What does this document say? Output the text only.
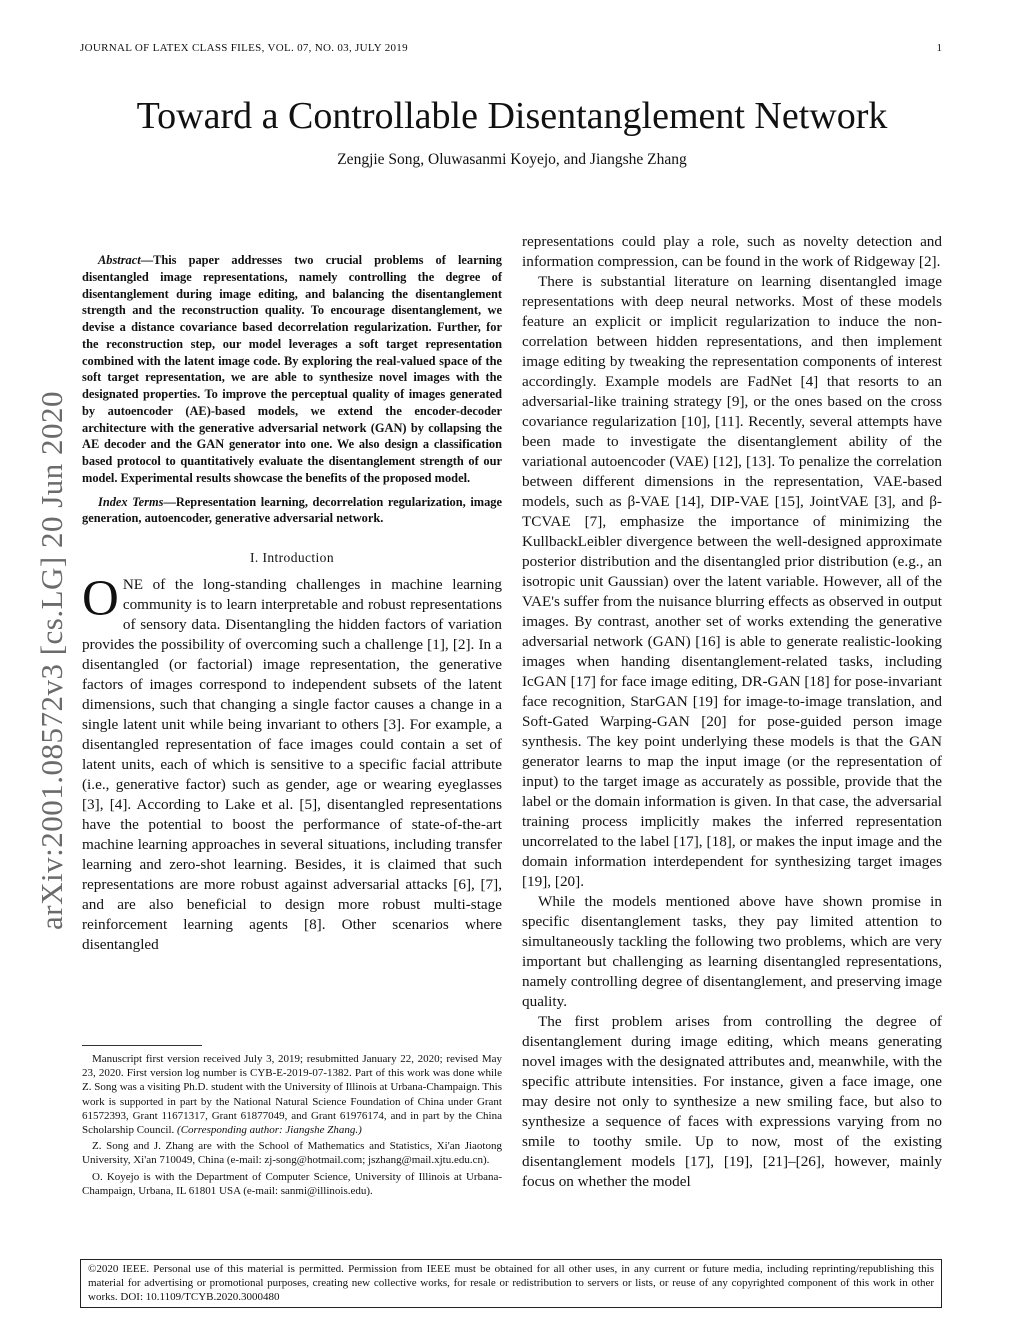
JOURNAL OF LATEX CLASS FILES, VOL. 07, NO. 03, JULY 2019	1
Toward a Controllable Disentanglement Network
Zengjie Song, Oluwasanmi Koyejo, and Jiangshe Zhang
arXiv:2001.08572v3 [cs.LG] 20 Jun 2020

Abstract—This paper addresses two crucial problems of learning disentangled image representations, namely controlling the degree of disentanglement during image editing, and balancing the disentanglement strength and the reconstruction quality. To encourage disentanglement, we devise a distance covariance based decorrelation regularization. Further, for the reconstruction step, our model leverages a soft target representation combined with the latent image code. By exploring the real-valued space of the soft target representation, we are able to synthesize novel images with the designated properties. To improve the perceptual quality of images generated by autoencoder (AE)-based models, we extend the encoder-decoder architecture with the generative adversarial network (GAN) by collapsing the AE decoder and the GAN generator into one. We also design a classification based protocol to quantitatively evaluate the disentanglement strength of our model. Experimental results showcase the benefits of the proposed model.

Index Terms—Representation learning, decorrelation regularization, image generation, autoencoder, generative adversarial network.

I. Introduction

ONE of the long-standing challenges in machine learning community is to learn interpretable and robust representations of sensory data. Disentangling the hidden factors of variation provides the possibility of overcoming such a challenge [1], [2]. In a disentangled (or factorial) image representation, the generative factors of images correspond to independent subsets of the latent dimensions, such that changing a single factor causes a change in a single latent unit while being invariant to others [3]. For example, a disentangled representation of face images could contain a set of latent units, each of which is sensitive to a specific facial attribute (i.e., generative factor) such as gender, age or wearing eyeglasses [3], [4]. According to Lake et al. [5], disentangled representations have the potential to boost the performance of state-of-the-art machine learning approaches in several situations, including transfer learning and zero-shot learning. Besides, it is claimed that such representations are more robust against adversarial attacks [6], [7], and are also beneficial to design more robust multi-stage reinforcement learning agents [8]. Other scenarios where disentangled

representations could play a role, such as novelty detection and information compression, can be found in the work of Ridgeway [2].

There is substantial literature on learning disentangled image representations with deep neural networks. Most of these models feature an explicit or implicit regularization to induce the non-correlation between hidden representations, and then implement image editing by tweaking the representation components of interest accordingly. Example models are FadNet [4] that resorts to an adversarial-like training strategy [9], or the ones based on the cross covariance regularization [10], [11]. Recently, several attempts have been made to investigate the disentanglement ability of the variational autoencoder (VAE) [12], [13]. To penalize the correlation between different dimensions in the representation, VAE-based models, such as β-VAE [14], DIP-VAE [15], JointVAE [3], and β-TCVAE [7], emphasize the importance of minimizing the KullbackLeibler divergence between the well-designed approximate posterior distribution and the disentangled prior distribution (e.g., an isotropic unit Gaussian) over the latent variable. However, all of the VAE's suffer from the nuisance blurring effects as observed in output images. By contrast, another set of works extending the generative adversarial network (GAN) [16] is able to generate realistic-looking images when handing disentanglement-related tasks, including IcGAN [17] for face image editing, DR-GAN [18] for pose-invariant face recognition, StarGAN [19] for image-to-image translation, and Soft-Gated Warping-GAN [20] for pose-guided person image synthesis. The key point underlying these models is that the GAN generator learns to map the input image (or the representation of input) to the target image as accurately as possible, provide that the label or the domain information is given. In that case, the adversarial training process implicitly makes the inferred representation uncorrelated to the label [17], [18], or makes the input image and the domain information interdependent for synthesizing target images [19], [20].

While the models mentioned above have shown promise in specific disentanglement tasks, they pay limited attention to simultaneously tackling the following two problems, which are very important but challenging as learning disentangled representations, namely controlling degree of disentanglement, and preserving image quality.

The first problem arises from controlling the degree of disentanglement during image editing, which means generating novel images with the designated attributes and, meanwhile, with the specific attribute intensities. For instance, given a face image, one may desire not only to synthesize a new smiling face, but also to synthesize a sequence of faces with expressions varying from no smile to toothy smile. Up to now, most of the existing disentanglement models [17], [19], [21]–[26], however, mainly focus on whether the model

Manuscript first version received July 3, 2019; resubmitted January 22, 2020; revised May 23, 2020. First version log number is CYB-E-2019-07-1382. Part of this work was done while Z. Song was a visiting Ph.D. student with the University of Illinois at Urbana-Champaign. This work is supported in part by the National Natural Science Foundation of China under Grant 61572393, Grant 11671317, Grant 61877049, and Grant 61976174, and in part by the China Scholarship Council. (Corresponding author: Jiangshe Zhang.)

Z. Song and J. Zhang are with the School of Mathematics and Statistics, Xi'an Jiaotong University, Xi'an 710049, China (e-mail: zj-song@hotmail.com; jszhang@mail.xjtu.edu.cn).

O. Koyejo is with the Department of Computer Science, University of Illinois at Urbana-Champaign, Urbana, IL 61801 USA (e-mail: sanmi@illinois.edu).

©2020 IEEE. Personal use of this material is permitted. Permission from IEEE must be obtained for all other uses, in any current or future media, including reprinting/republishing this material for advertising or promotional purposes, creating new collective works, for resale or redistribution to servers or lists, or reuse of any copyrighted component of this work in other works. DOI: 10.1109/TCYB.2020.3000480
